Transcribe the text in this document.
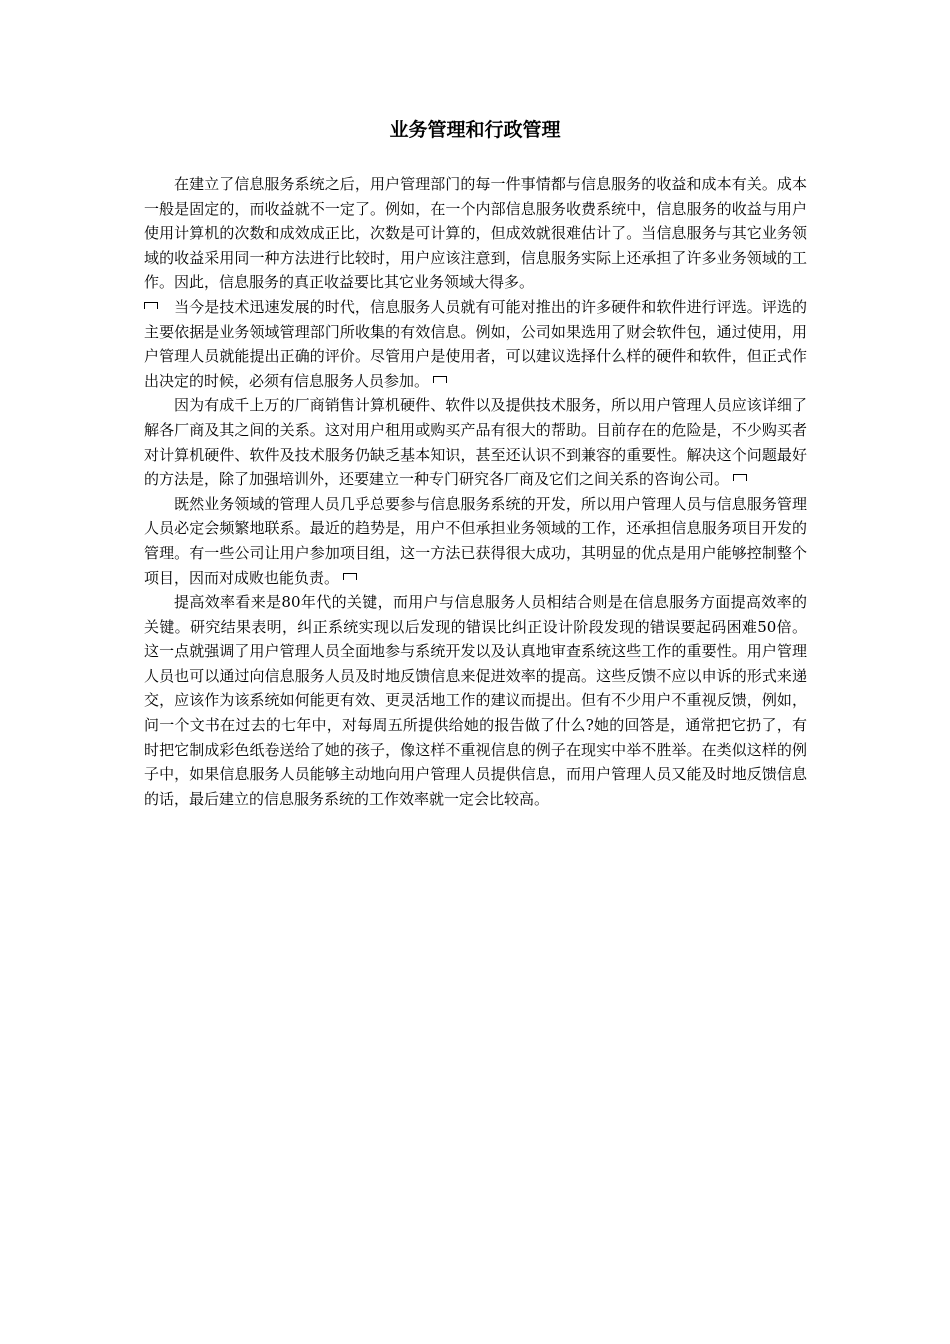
业务管理和行政管理

在建立了信息服务系统之后，用户管理部门的每一件事情都与信息服务的收益和成本有关。成本一般是固定的，而收益就不一定了。例如，在一个内部信息服务收费系统中，信息服务的收益与用户使用计算机的次数和成效成正比，次数是可计算的，但成效就很难估计了。当信息服务与其它业务领域的收益采用同一种方法进行比较时，用户应该注意到，信息服务实际上还承担了许多业务领域的工作。因此，信息服务的真正收益要比其它业务领域大得多。

当今是技术迅速发展的时代，信息服务人员就有可能对推出的许多硬件和软件进行评选。评选的主要依据是业务领域管理部门所收集的有效信息。例如，公司如果选用了财会软件包，通过使用，用户管理人员就能提出正确的评价。尽管用户是使用者，可以建议选择什么样的硬件和软件，但正式作出决定的时候，必须有信息服务人员参加。

因为有成千上万的厂商销售计算机硬件、软件以及提供技术服务，所以用户管理人员应该详细了解各厂商及其之间的关系。这对用户租用或购买产品有很大的帮助。目前存在的危险是，不少购买者对计算机硬件、软件及技术服务仍缺乏基本知识，甚至还认识不到兼容的重要性。解决这个问题最好的方法是，除了加强培训外，还要建立一种专门研究各厂商及它们之间关系的咨询公司。

既然业务领域的管理人员几乎总要参与信息服务系统的开发，所以用户管理人员与信息服务管理人员必定会频繁地联系。最近的趋势是，用户不但承担业务领域的工作，还承担信息服务项目开发的管理。有一些公司让用户参加项目组，这一方法已获得很大成功，其明显的优点是用户能够控制整个项目，因而对成败也能负责。

提高效率看来是80年代的关键，而用户与信息服务人员相结合则是在信息服务方面提高效率的关键。研究结果表明，纠正系统实现以后发现的错误比纠正设计阶段发现的错误要起码困难50倍。这一点就强调了用户管理人员全面地参与系统开发以及认真地审查系统这些工作的重要性。用户管理人员也可以通过向信息服务人员及时地反馈信息来促进效率的提高。这些反馈不应以申诉的形式来递交，应该作为该系统如何能更有效、更灵活地工作的建议而提出。但有不少用户不重视反馈，例如，问一个文书在过去的七年中，对每周五所提供给她的报告做了什么?她的回答是，通常把它扔了，有时把它制成彩色纸卷送给了她的孩子，像这样不重视信息的例子在现实中举不胜举。在类似这样的例子中，如果信息服务人员能够主动地向用户管理人员提供信息，而用户管理人员又能及时地反馈信息的话，最后建立的信息服务系统的工作效率就一定会比较高。
